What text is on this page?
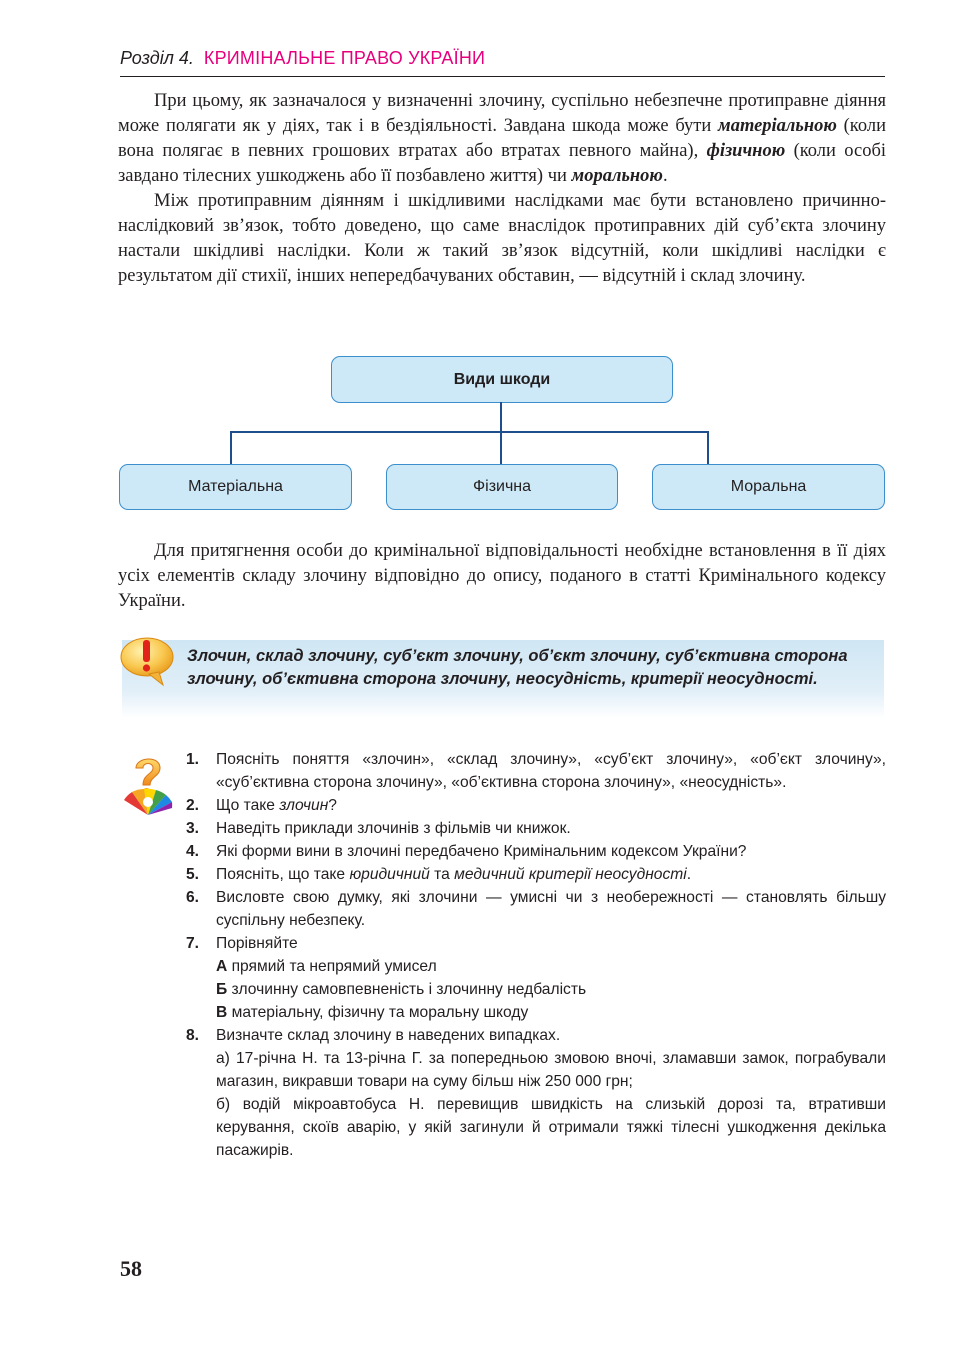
Розділ 4. КРИМІНАЛЬНЕ ПРАВО УКРАЇНИ

При цьому, як зазначалося у визначенні злочину, суспільно небезпечне протиправне діяння може полягати як у діях, так і в бездіяльності. Завдана шкода може бути матеріальною (коли вона полягає в певних грошових втратах або втратах певного майна), фізичною (коли особі завдано тілесних ушкоджень або її позбавлено життя) чи моральною.

Між протиправним діянням і шкідливими наслідками має бути встановлено причинно-наслідковий зв’язок, тобто доведено, що саме внаслідок протиправних дій суб’єкта злочину настали шкідливі наслідки. Коли ж такий зв’язок відсутній, коли шкідливі наслідки є результатом дії стихії, інших непередбачуваних обставин, — відсутній і склад злочину.

Види шкоди
Матеріальна	Фізична	Моральна

Для притягнення особи до кримінальної відповідальності необхідне встановлення в її діях усіх елементів складу злочину відповідно до опису, поданого в статті Кримінального кодексу України.

Злочин, склад злочину, суб’єкт злочину, об’єкт злочину, суб’єктивна сторона злочину, об’єктивна сторона злочину, неосудність, критерії неосудності.
1. Поясніть поняття «злочин», «склад злочину», «суб’єкт злочину», «об’єкт злочину», «суб’єктивна сторона злочину», «об’єктивна сторона злочину», «неосудність».
2. Що таке злочин?
3. Наведіть приклади злочинів з фільмів чи книжок.
4. Які форми вини в злочині передбачено Кримінальним кодексом України?
5. Поясніть, що таке юридичний та медичний критерії неосудності.
6. Висловте свою думку, які злочини — умисні чи з необережності — становлять більшу суспільну небезпеку.
7. Порівняйте
А прямий та непрямий умисел
Б злочинну самовпевненість і злочинну недбалість
В матеріальну, фізичну та моральну шкоду
8. Визначте склад злочину в наведених випадках.
а) 17-річна Н. та 13-річна Г. за попередньою змовою вночі, зламавши замок, пограбували магазин, викравши товари на суму більш ніж 250 000 грн;
б) водій мікроавтобуса Н. перевищив швидкість на слизькій дорозі та, втративши керування, скоїв аварію, у якій загинули й отримали тяжкі тілесні ушкодження декілька пасажирів.
58
